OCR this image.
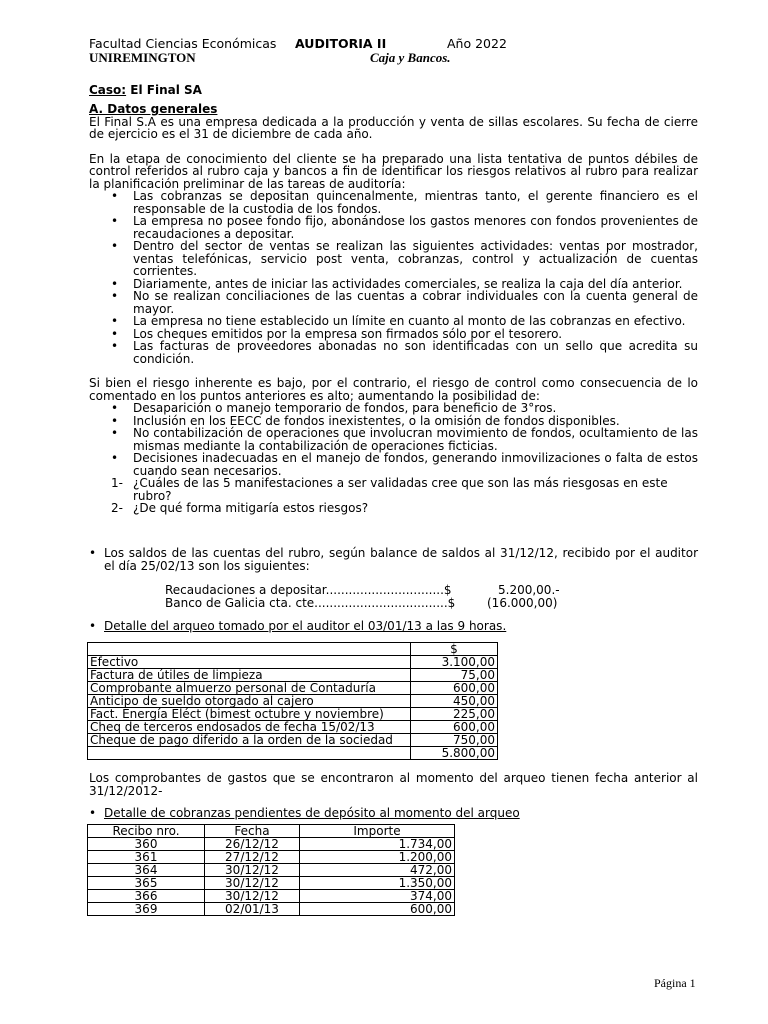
Facultad Ciencias Económicas AUDITORIA II	Año 2022
UNIREMINGTON	Caja y Bancos.
Caso: El Final SA
A. Datos generales

El Final S.A es una empresa dedicada a la producción y venta de sillas escolares. Su fecha de cierre de ejercicio es el 31 de diciembre de cada año.

En la etapa de conocimiento del cliente se ha preparado una lista tentativa de puntos débiles de control referidos al rubro caja y bancos a fin de identificar los riesgos relativos al rubro para realizar la planificación preliminar de las tareas de auditoría:

• Las cobranzas se depositan quincenalmente, mientras tanto, el gerente financiero es el responsable de la custodia de los fondos.
• La empresa no posee fondo fijo, abonándose los gastos menores con fondos provenientes de recaudaciones a depositar.
• Dentro del sector de ventas se realizan las siguientes actividades: ventas por mostrador, ventas telefónicas, servicio post venta, cobranzas, control y actualización de cuentas corrientes.
• Diariamente, antes de iniciar las actividades comerciales, se realiza la caja del día anterior.
• No se realizan conciliaciones de las cuentas a cobrar individuales con la cuenta general de mayor.
• La empresa no tiene establecido un límite en cuanto al monto de las cobranzas en efectivo.
• Los cheques emitidos por la empresa son firmados sólo por el tesorero.
• Las facturas de proveedores abonadas no son identificadas con un sello que acredita su condición.

Si bien el riesgo inherente es bajo, por el contrario, el riesgo de control como consecuencia de lo comentado en los puntos anteriores es alto; aumentando la posibilidad de:

• Desaparición o manejo temporario de fondos, para beneficio de 3°ros.
• Inclusión en los EECC de fondos inexistentes, o la omisión de fondos disponibles.
• No contabilización de operaciones que involucran movimiento de fondos, ocultamiento de las mismas mediante la contabilización de operaciones ficticias.
• Decisiones inadecuadas en el manejo de fondos, generando inmovilizaciones o falta de estos cuando sean necesarios.
1- ¿Cuáles de las 5 manifestaciones a ser validadas cree que son las más riesgosas en este rubro?
2- ¿De qué forma mitigaría estos riesgos?
• Los saldos de las cuentas del rubro, según balance de saldos al 31/12/12, recibido por el auditor el día 25/02/13 son los siguientes:
Recaudaciones a depositar...............................$	5.200,00.-
Banco de Galicia cta. cte...................................$	(16.000,00)
• Detalle del arqueo tomado por el auditor el 03/01/13 a las 9 horas.
	$
Efectivo	3.100,00
Factura de útiles de limpieza	75,00
Comprobante almuerzo personal de Contaduría	600,00
Anticipo de sueldo otorgado al cajero	450,00
Fact. Energía Eléct (bimest octubre y noviembre)	225,00
Cheq de terceros endosados de fecha 15/02/13	600,00
Cheque de pago diferido a la orden de la sociedad	750,00
	5.800,00

Los comprobantes de gastos que se encontraron al momento del arqueo tienen fecha anterior al 31/12/2012-

• Detalle de cobranzas pendientes de depósito al momento del arqueo
Recibo nro.	Fecha	Importe
360	26/12/12	1.734,00
361	27/12/12	1.200,00
364	30/12/12	472,00
365	30/12/12	1.350,00
366	30/12/12	374,00
369	02/01/13	600,00
Página 1
